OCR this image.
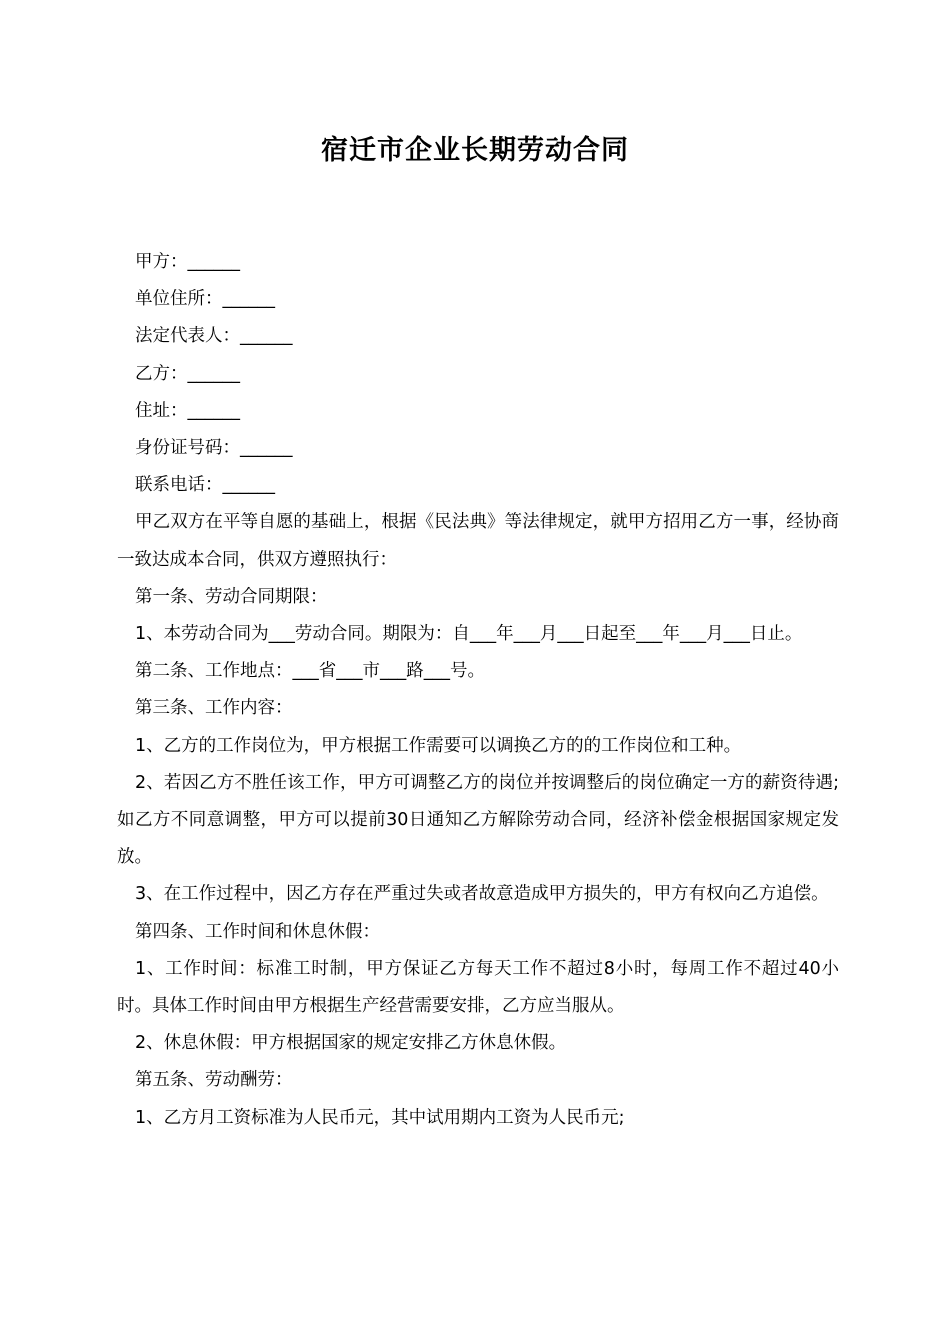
宿迁市企业长期劳动合同

甲方：______

单位住所：______

法定代表人：______

乙方：______

住址：______

身份证号码：______

联系电话：______

甲乙双方在平等自愿的基础上，根据《民法典》等法律规定，就甲方招用乙方一事，经协商一致达成本合同，供双方遵照执行：

第一条、劳动合同期限：

1、本劳动合同为___劳动合同。期限为：自___年___月___日起至___年___月___日止。

第二条、工作地点：___省___市___路___号。

第三条、工作内容：

1、乙方的工作岗位为，甲方根据工作需要可以调换乙方的的工作岗位和工种。

2、若因乙方不胜任该工作，甲方可调整乙方的岗位并按调整后的岗位确定一方的薪资待遇;如乙方不同意调整，甲方可以提前30日通知乙方解除劳动合同，经济补偿金根据国家规定发放。

3、在工作过程中，因乙方存在严重过失或者故意造成甲方损失的，甲方有权向乙方追偿。

第四条、工作时间和休息休假：

1、工作时间：标准工时制，甲方保证乙方每天工作不超过8小时，每周工作不超过40小时。具体工作时间由甲方根据生产经营需要安排，乙方应当服从。

2、休息休假：甲方根据国家的规定安排乙方休息休假。

第五条、劳动酬劳：

1、乙方月工资标准为人民币元，其中试用期内工资为人民币元;
